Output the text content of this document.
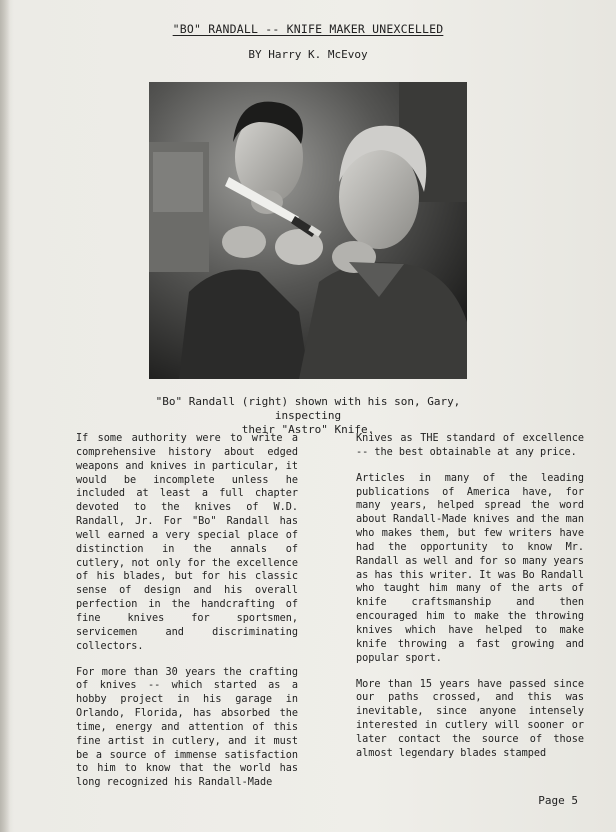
"BO" RANDALL -- KNIFE MAKER UNEXCELLED
BY Harry K. McEvoy
"Bo" Randall (right) shown with his son, Gary, inspecting
their "Astro" Knife.

If some authority were to write a comprehensive history about edged weapons and knives in particular, it would be incomplete unless he included at least a full chapter devoted to the knives of W.D. Randall, Jr. For "Bo" Randall has well earned a very special place of distinction in the annals of cutlery, not only for the excellence of his blades, but for his classic sense of design and his overall perfection in the handcrafting of fine knives for sportsmen, servicemen and discriminating collectors.

For more than 30 years the crafting of knives -- which started as a hobby project in his garage in Orlando, Florida, has absorbed the time, energy and attention of this fine artist in cutlery, and it must be a source of immense satisfaction to him to know that the world has long recognized his Randall-Made

Knives as THE standard of excellence -- the best obtainable at any price.

Articles in many of the leading publications of America have, for many years, helped spread the word about Randall-Made knives and the man who makes them, but few writers have had the opportunity to know Mr. Randall as well and for so many years as has this writer. It was Bo Randall who taught him many of the arts of knife craftsmanship and then encouraged him to make the throwing knives which have helped to make knife throwing a fast growing and popular sport.

More than 15 years have passed since our paths crossed, and this was inevitable, since anyone intensely interested in cutlery will sooner or later contact the source of those almost legendary blades stamped

Page 5
